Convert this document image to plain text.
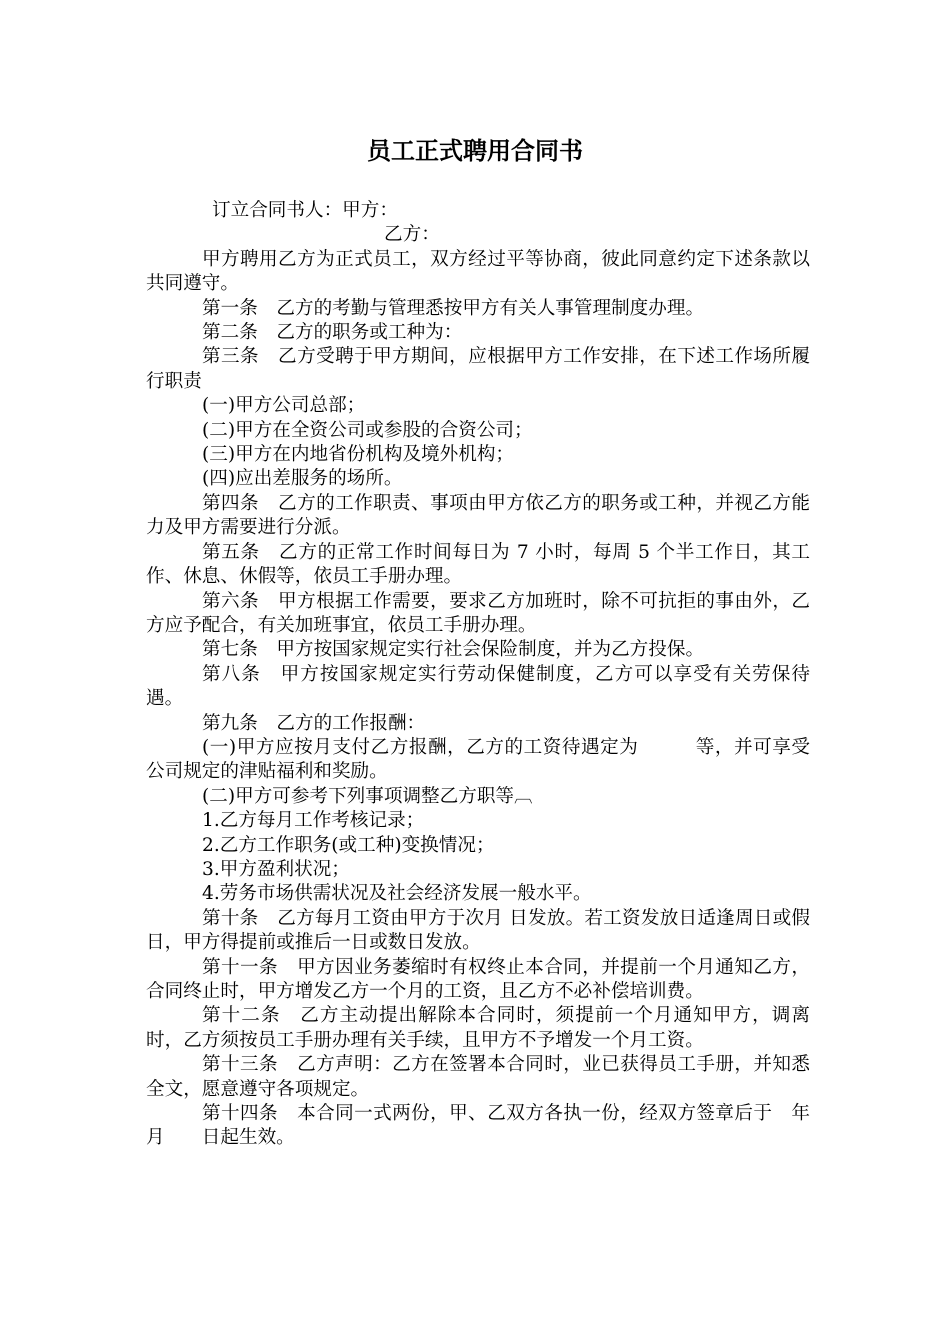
员工正式聘用合同书

订立合同书人：甲方：

乙方：

甲方聘用乙方为正式员工，双方经过平等协商，彼此同意约定下述条款以共同遵守。

第一条　乙方的考勤与管理悉按甲方有关人事管理制度办理。

第二条　乙方的职务或工种为：

第三条　乙方受聘于甲方期间，应根据甲方工作安排，在下述工作场所履行职责

(一)甲方公司总部；

(二)甲方在全资公司或参股的合资公司；

(三)甲方在内地省份机构及境外机构；

(四)应出差服务的场所。

第四条　乙方的工作职责、事项由甲方依乙方的职务或工种，并视乙方能力及甲方需要进行分派。

第五条　乙方的正常工作时间每日为 7 小时，每周 5 个半工作日，其工作、休息、休假等，依员工手册办理。

第六条　甲方根据工作需要，要求乙方加班时，除不可抗拒的事由外，乙方应予配合，有关加班事宜，依员工手册办理。

第七条　甲方按国家规定实行社会保险制度，并为乙方投保。

第八条　甲方按国家规定实行劳动保健制度，乙方可以享受有关劳保待遇。

第九条　乙方的工作报酬：

(一)甲方应按月支付乙方报酬，乙方的工资待遇定为　　　等，并可享受公司规定的津贴福利和奖励。

(二)甲方可参考下列事项调整乙方职等︹

1.乙方每月工作考核记录；

2.乙方工作职务(或工种)变换情况；

3.甲方盈利状况；

4.劳务市场供需状况及社会经济发展一般水平。

第十条　乙方每月工资由甲方于次月 日发放。若工资发放日适逢周日或假日，甲方得提前或推后一日或数日发放。

第十一条　甲方因业务萎缩时有权终止本合同，并提前一个月通知乙方，合同终止时，甲方增发乙方一个月的工资，且乙方不必补偿培训费。

第十二条　乙方主动提出解除本合同时，须提前一个月通知甲方，调离时，乙方须按员工手册办理有关手续，且甲方不予增发一个月工资。

第十三条　乙方声明：乙方在签署本合同时，业已获得员工手册，并知悉全文，愿意遵守各项规定。

第十四条　本合同一式两份，甲、乙双方各执一份，经双方签章后于　年　　月　　日起生效。
